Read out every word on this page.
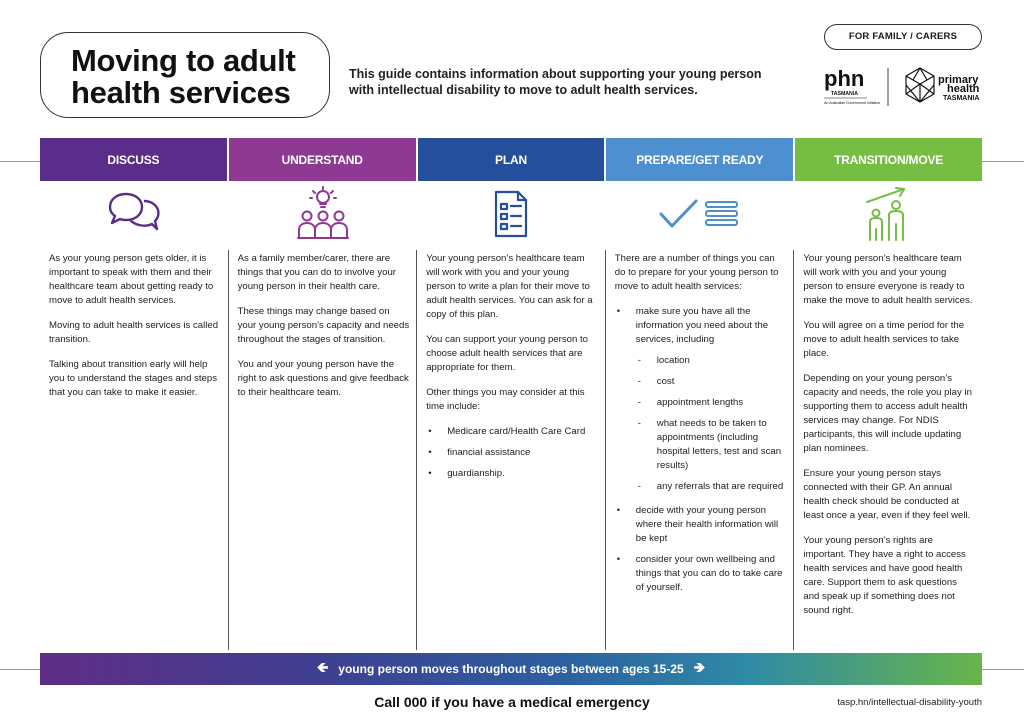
Moving to adult
health services
This guide contains information about supporting your young person with intellectual disability to move to adult health services.
FOR FAMILY / CARERS
phn
TASMANIA
An Australian Government Initiative
primary
health
TASMANIA
DISCUSS	UNDERSTAND	PLAN	PREPARE/GET READY	TRANSITION/MOVE

As your young person gets older, it is important to speak with them and their healthcare team about getting ready to move to adult health services.

Moving to adult health services is called transition.

Talking about transition early will help you to understand the stages and steps that you can take to make it easier.

As a family member/carer, there are things that you can do to involve your young person in their health care.

These things may change based on your young person’s capacity and needs throughout the stages of transition.

You and your young person have the right to ask questions and give feedback to their healthcare team.

Your young person’s healthcare team will work with you and your young person to write a plan for their move to adult health services. You can ask for a copy of this plan.

You can support your young person to choose adult health services that are appropriate for them.

Other things you may consider at this time include:

• Medicare card/Health Care Card
• financial assistance
• guardianship.

There are a number of things you can do to prepare for your young person to move to adult health services:

• make sure you have all the information you need about the services, including
- location
- cost
- appointment lengths
- what needs to be taken to appointments (including hospital letters, test and scan results)
- any referrals that are required
• decide with your young person where their health information will be kept
• consider your own wellbeing and things that you can do to take care of yourself.

Your young person’s healthcare team will work with you and your young person to ensure everyone is ready to make the move to adult health services.

You will agree on a time period for the move to adult health services to take place.

Depending on your young person’s capacity and needs, the role you play in supporting them to access adult health services may change. For NDIS participants, this will include updating plan nominees.

Ensure your young person stays connected with their GP. An annual health check should be conducted at least once a year, even if they feel well.

Your young person’s rights are important. They have a right to access health services and have good health care. Support them to ask questions and speak up if something does not sound right.

🡸 young person moves throughout stages between ages 15-25 🡺
Call 000 if you have a medical emergency	tasp.hn/intellectual-disability-youth
